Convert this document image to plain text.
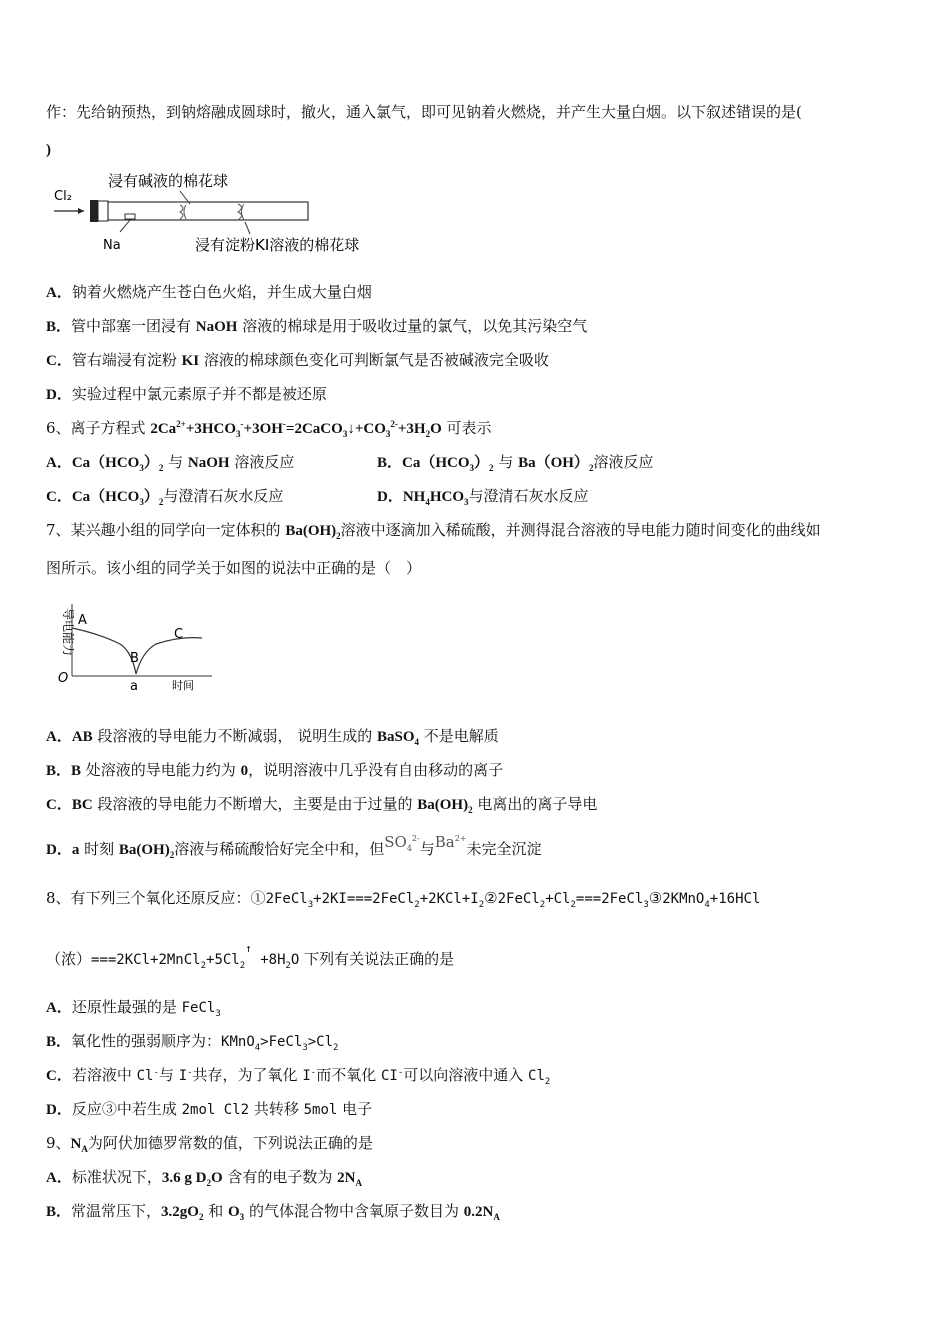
作：先给钠预热，到钠熔融成圆球时，撤火，通入氯气，即可见钠着火燃烧，并产生大量白烟。以下叙述错误的是(
)
Cl₂
浸有碱液的棉花球
Na	浸有淀粉KI溶液的棉花球
A．钠着火燃烧产生苍白色火焰，并生成大量白烟
B．管中部塞一团浸有 NaOH 溶液的棉球是用于吸收过量的氯气，以免其污染空气
C．管右端浸有淀粉 KI 溶液的棉球颜色变化可判断氯气是否被碱液完全吸收
D．实验过程中氯元素原子并不都是被还原
6、离子方程式 $2Ca^{2+}+3HCO_3^-+3OH^-=2CaCO_3↓+CO_3^{2-}+3H_2O$ 可表示
A．$Ca(HCO_3)_2$ 与 NaOH 溶液反应	B．$Ca(HCO_3)_2$ 与 $Ba(OH)_2$溶液反应
C．$Ca(HCO_3)_2$与澄清石灰水反应	D．$NH_4HCO_3$与澄清石灰水反应
7、某兴趣小组的同学向一定体积的 $Ba(OH)_2$溶液中逐滴加入稀硫酸，并测得混合溶液的导电能力随时间变化的曲线如
图所示。该小组的同学关于如图的说法中正确的是（　）
导电能力 A
B
C
O
a	时间
A．AB 段溶液的导电能力不断减弱， 说明生成的 BaSO$_4$ 不是电解质
B．B 处溶液的导电能力约为 0，说明溶液中几乎没有自由移动的离子
C．BC 段溶液的导电能力不断增大，主要是由于过量的 $Ba(OH)_2$ 电离出的离子导电
D．a 时刻 $Ba(OH)_2$溶液与稀硫酸恰好完全中和，但$SO_4^{2-}$与$Ba^{2+}$未完全沉淀
8、有下列三个氧化还原反应：$①2FeCl_3+2KI===2FeCl_2+2KCl+I_2②2FeCl_2+Cl_2===2FeCl_3③2KMnO_4+16HCl$
（浓）$===2KCl+2MnCl_2+5Cl_2^↑ +8H_2O$ 下列有关说法正确的是
A．还原性最强的是 FeCl$_3$
B．氧化性的强弱顺序为：$KMnO_4>FeCl_3>Cl_2$
C．若溶液中 Cl-与 I-共存，为了氧化 I-而不氧化 CI-可以向溶液中通入 $Cl_2$
D．反应③中若生成 2mol Cl2 共转移 5mol 电子
9、$N_A$为阿伏加德罗常数的值，下列说法正确的是
A．标准状况下，3.6 g $D_2O$ 含有的电子数为 $2N_A$
B．常温常压下，$3.2gO_2$ 和 $O_3$ 的气体混合物中含氧原子数目为 $0.2N_A$
